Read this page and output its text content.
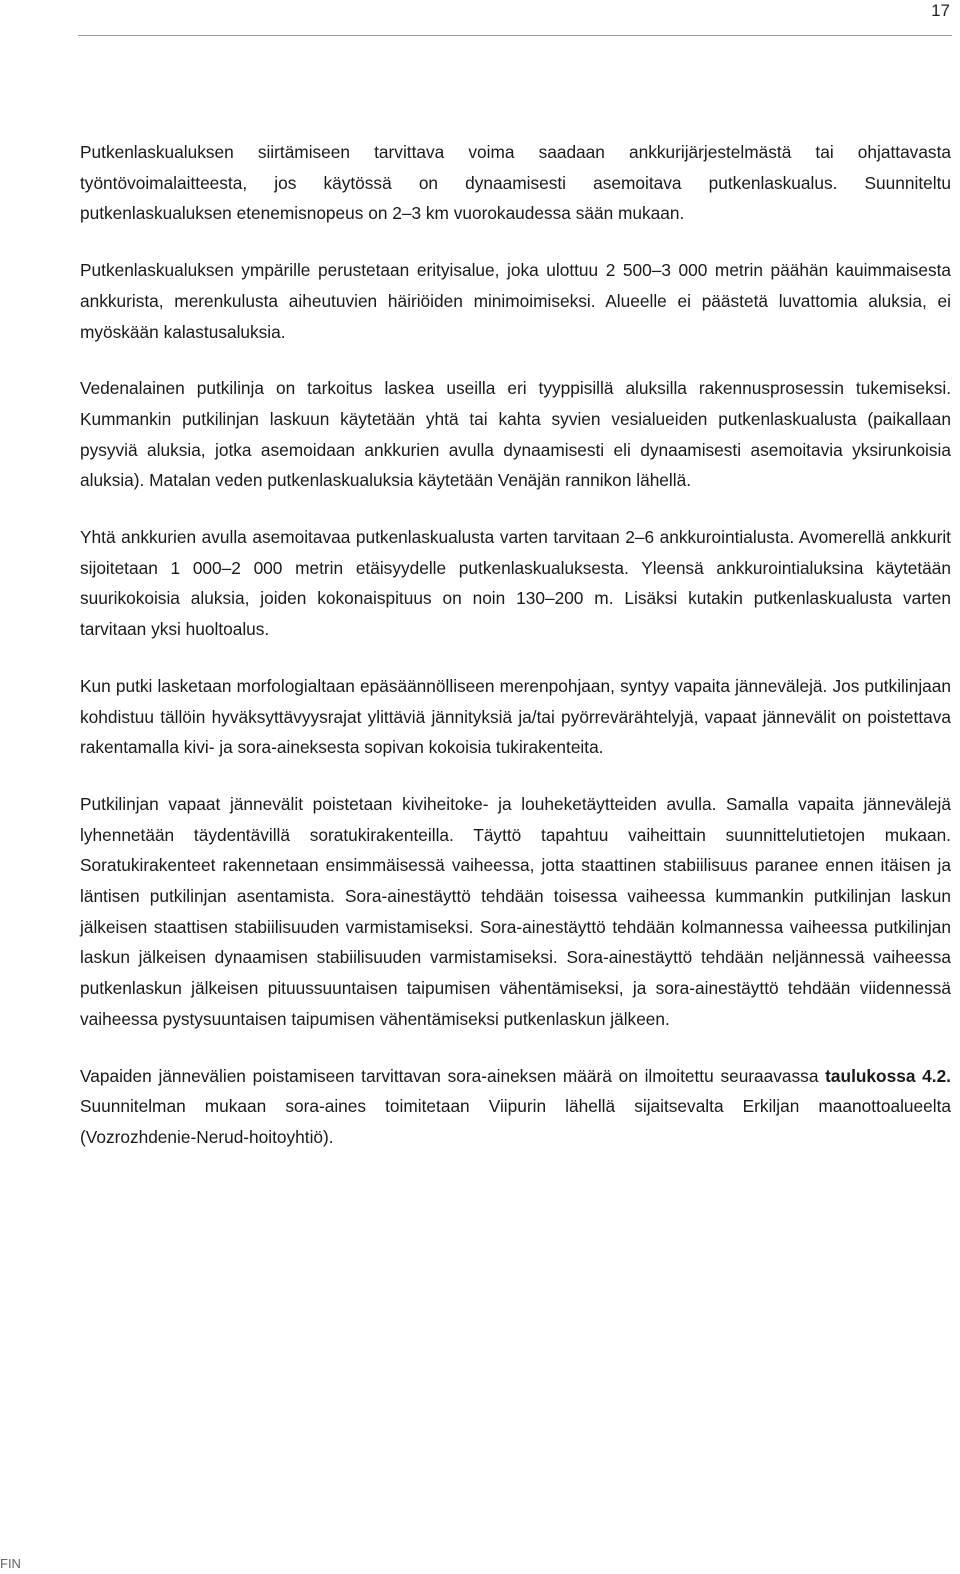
17

Putkenlaskualuksen siirtämiseen tarvittava voima saadaan ankkurijärjestelmästä tai ohjattavasta työntövoimalaitteesta, jos käytössä on dynaamisesti asemoitava putkenlaskualus. Suunniteltu putkenlaskualuksen etenemisnopeus on 2–3 km vuorokaudessa sään mukaan.

Putkenlaskualuksen ympärille perustetaan erityisalue, joka ulottuu 2 500–3 000 metrin päähän kauimmaisesta ankkurista, merenkulusta aiheutuvien häiriöiden minimoimiseksi. Alueelle ei päästetä luvattomia aluksia, ei myöskään kalastusaluksia.

Vedenalainen putkilinja on tarkoitus laskea useilla eri tyyppisillä aluksilla rakennusprosessin tukemiseksi. Kummankin putkilinjan laskuun käytetään yhtä tai kahta syvien vesialueiden putkenlaskualusta (paikallaan pysyviä aluksia, jotka asemoidaan ankkurien avulla dynaamisesti eli dynaamisesti asemoitavia yksirunkoisia aluksia). Matalan veden putkenlaskualuksia käytetään Venäjän rannikon lähellä.

Yhtä ankkurien avulla asemoitavaa putkenlaskualusta varten tarvitaan 2–6 ankkurointialusta. Avomerellä ankkurit sijoitetaan 1 000–2 000 metrin etäisyydelle putkenlaskualuksesta. Yleensä ankkurointialuksina käytetään suurikokoisia aluksia, joiden kokonaispituus on noin 130–200 m. Lisäksi kutakin putkenlaskualusta varten tarvitaan yksi huoltoalus.

Kun putki lasketaan morfologialtaan epäsäännölliseen merenpohjaan, syntyy vapaita jännevälejä. Jos putkilinjaan kohdistuu tällöin hyväksyttävyysrajat ylittäviä jännityksiä ja/tai pyörrevärähtelyjä, vapaat jännevälit on poistettava rakentamalla kivi- ja sora-aineksesta sopivan kokoisia tukirakenteita.

Putkilinjan vapaat jännevälit poistetaan kiviheitoke- ja louheketäytteiden avulla. Samalla vapaita jännevälejä lyhennetään täydentävillä soratukirakenteilla. Täyttö tapahtuu vaiheittain suunnittelutietojen mukaan. Soratukirakenteet rakennetaan ensimmäisessä vaiheessa, jotta staattinen stabiilisuus paranee ennen itäisen ja läntisen putkilinjan asentamista. Sora-ainestäyttö tehdään toisessa vaiheessa kummankin putkilinjan laskun jälkeisen staattisen stabiilisuuden varmistamiseksi. Sora-ainestäyttö tehdään kolmannessa vaiheessa putkilinjan laskun jälkeisen dynaamisen stabiilisuuden varmistamiseksi. Sora-ainestäyttö tehdään neljännessä vaiheessa putkenlaskun jälkeisen pituussuuntaisen taipumisen vähentämiseksi, ja sora-ainestäyttö tehdään viidennessä vaiheessa pystysuuntaisen taipumisen vähentämiseksi putkenlaskun jälkeen.

Vapaiden jännevälien poistamiseen tarvittavan sora-aineksen määrä on ilmoitettu seuraavassa taulukossa 4.2. Suunnitelman mukaan sora-aines toimitetaan Viipurin lähellä sijaitsevalta Erkiljan maanottoalueelta (Vozrozhdenie-Nerud-hoitoyhtiö).

FIN
